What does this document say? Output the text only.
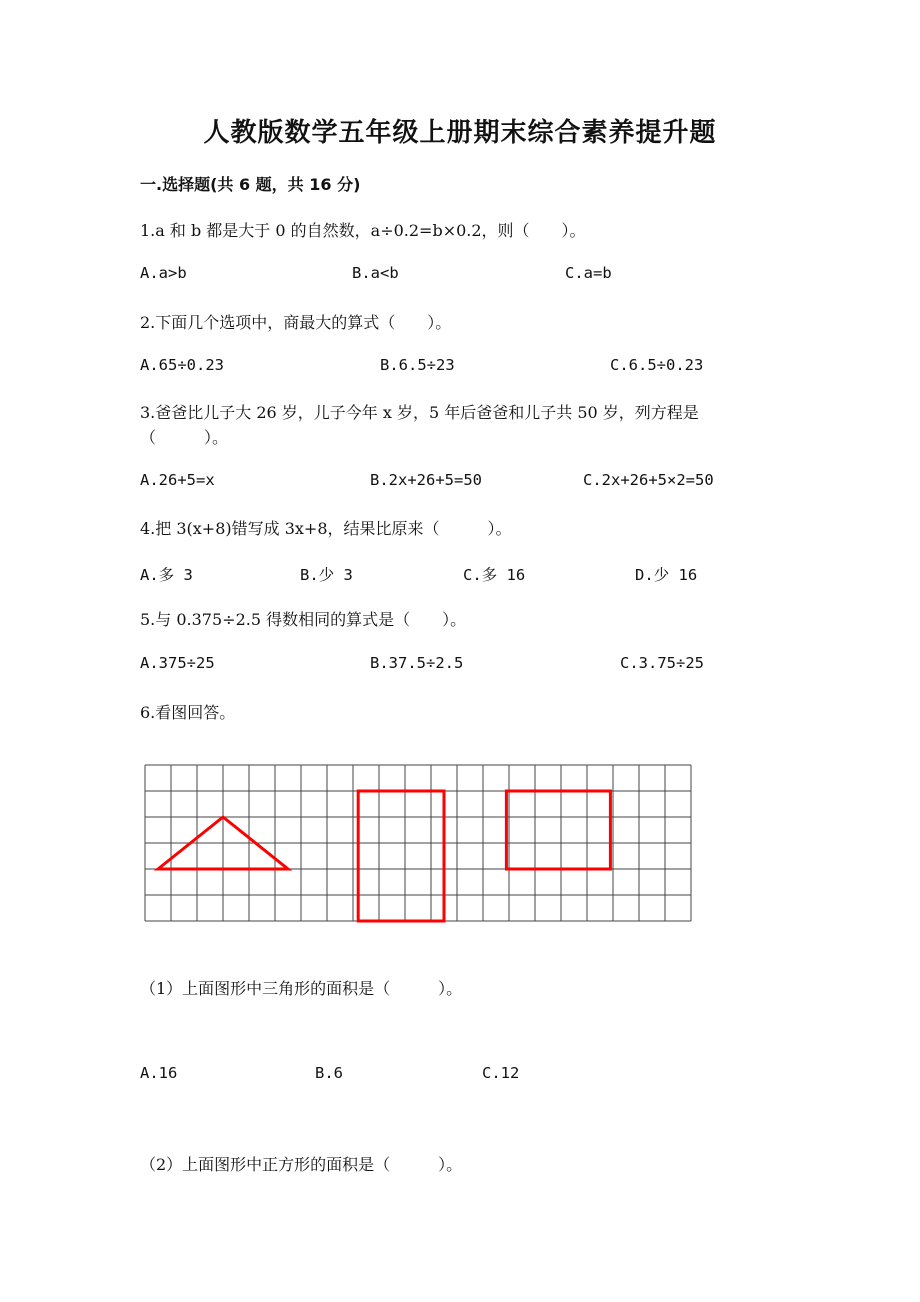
人教版数学五年级上册期末综合素养提升题
一.选择题(共 6 题，共 16 分)
1.a 和 b 都是大于 0 的自然数，a÷0.2=b×0.2，则（　　）。
A.a>b	B.a<b	C.a=b
2.下面几个选项中，商最大的算式（　　）。
A.65÷0.23	B.6.5÷23	C.6.5÷0.23
3.爸爸比儿子大 26 岁，儿子今年 x 岁，5 年后爸爸和儿子共 50 岁，列方程是
（　　　）。
A.26+5=x	B.2x+26+5=50	C.2x+26+5×2=50
4.把 3(x+8)错写成 3x+8，结果比原来（　　　）。
A.多 3	B.少 3	C.多 16	D.少 16
5.与 0.375÷2.5 得数相同的算式是（　　）。
A.375÷25	B.37.5÷2.5	C.3.75÷25
6.看图回答。
（1）上面图形中三角形的面积是（　　　）。
A.16	B.6	C.12
（2）上面图形中正方形的面积是（　　　）。
